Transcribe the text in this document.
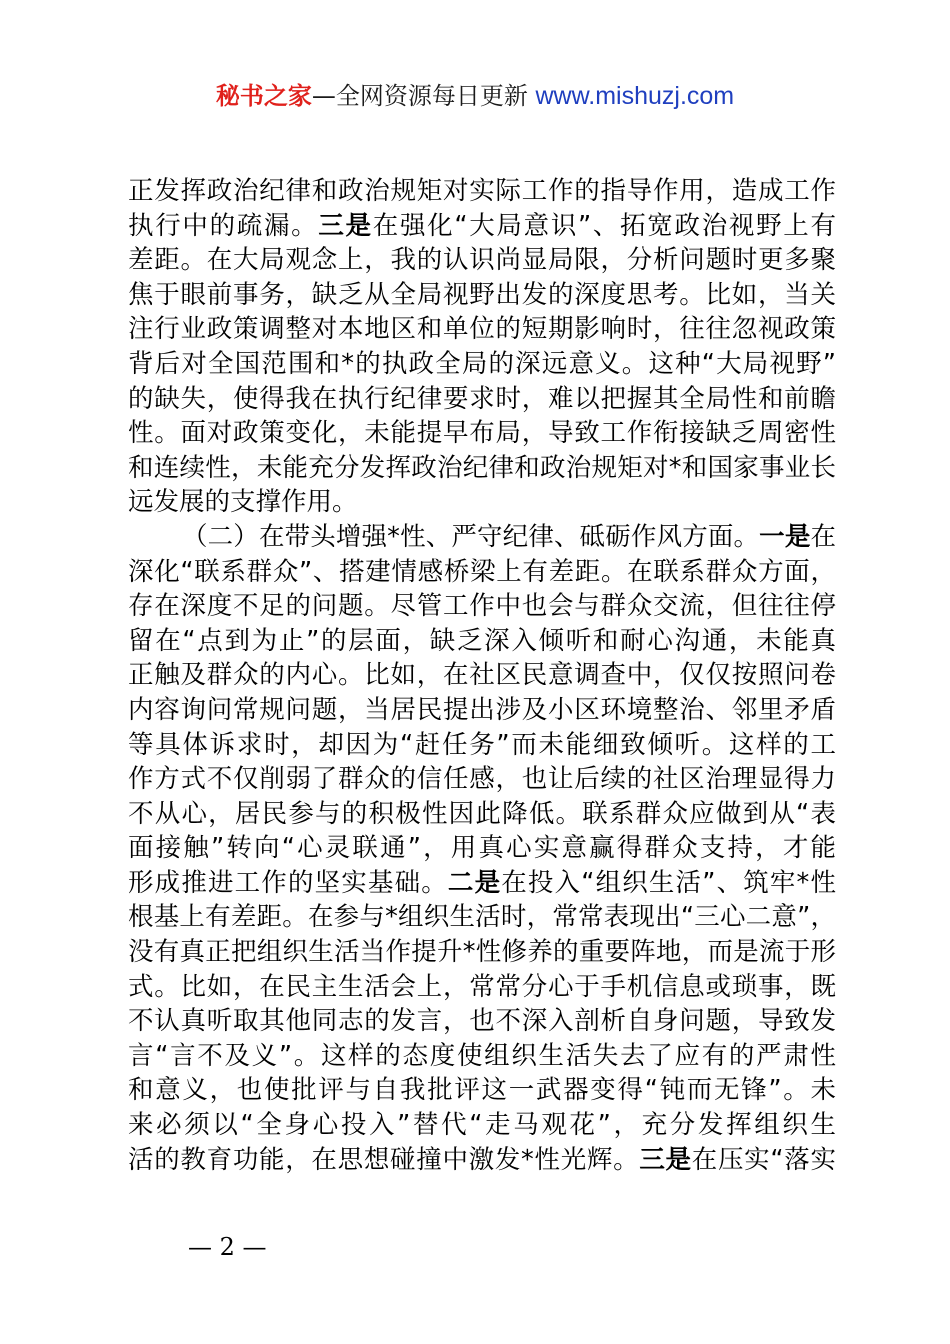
秘书之家—全网资源每日更新 www.mishuzj.com
正发挥政治纪律和政治规矩对实际工作的指导作用，造成工作
执行中的疏漏。三是在强化“大局意识”、拓宽政治视野上有
差距。在大局观念上，我的认识尚显局限，分析问题时更多聚
焦于眼前事务，缺乏从全局视野出发的深度思考。比如，当关
注行业政策调整对本地区和单位的短期影响时，往往忽视政策
背后对全国范围和*的执政全局的深远意义。这种“大局视野”
的缺失，使得我在执行纪律要求时，难以把握其全局性和前瞻
性。面对政策变化，未能提早布局，导致工作衔接缺乏周密性
和连续性，未能充分发挥政治纪律和政治规矩对*和国家事业长
远发展的支撑作用。
（二）在带头增强*性、严守纪律、砥砺作风方面。一是在
深化“联系群众”、搭建情感桥梁上有差距。在联系群众方面，
存在深度不足的问题。尽管工作中也会与群众交流，但往往停
留在“点到为止”的层面，缺乏深入倾听和耐心沟通，未能真
正触及群众的内心。比如，在社区民意调查中，仅仅按照问卷
内容询问常规问题，当居民提出涉及小区环境整治、邻里矛盾
等具体诉求时，却因为“赶任务”而未能细致倾听。这样的工
作方式不仅削弱了群众的信任感，也让后续的社区治理显得力
不从心，居民参与的积极性因此降低。联系群众应做到从“表
面接触”转向“心灵联通”，用真心实意赢得群众支持，才能
形成推进工作的坚实基础。二是在投入“组织生活”、筑牢*性
根基上有差距。在参与*组织生活时，常常表现出“三心二意”，
没有真正把组织生活当作提升*性修养的重要阵地，而是流于形
式。比如，在民主生活会上，常常分心于手机信息或琐事，既
不认真听取其他同志的发言，也不深入剖析自身问题，导致发
言“言不及义”。这样的态度使组织生活失去了应有的严肃性
和意义，也使批评与自我批评这一武器变得“钝而无锋”。未
来必须以“全身心投入”替代“走马观花”，充分发挥组织生
活的教育功能，在思想碰撞中激发*性光辉。三是在压实“落实
— 2 —
